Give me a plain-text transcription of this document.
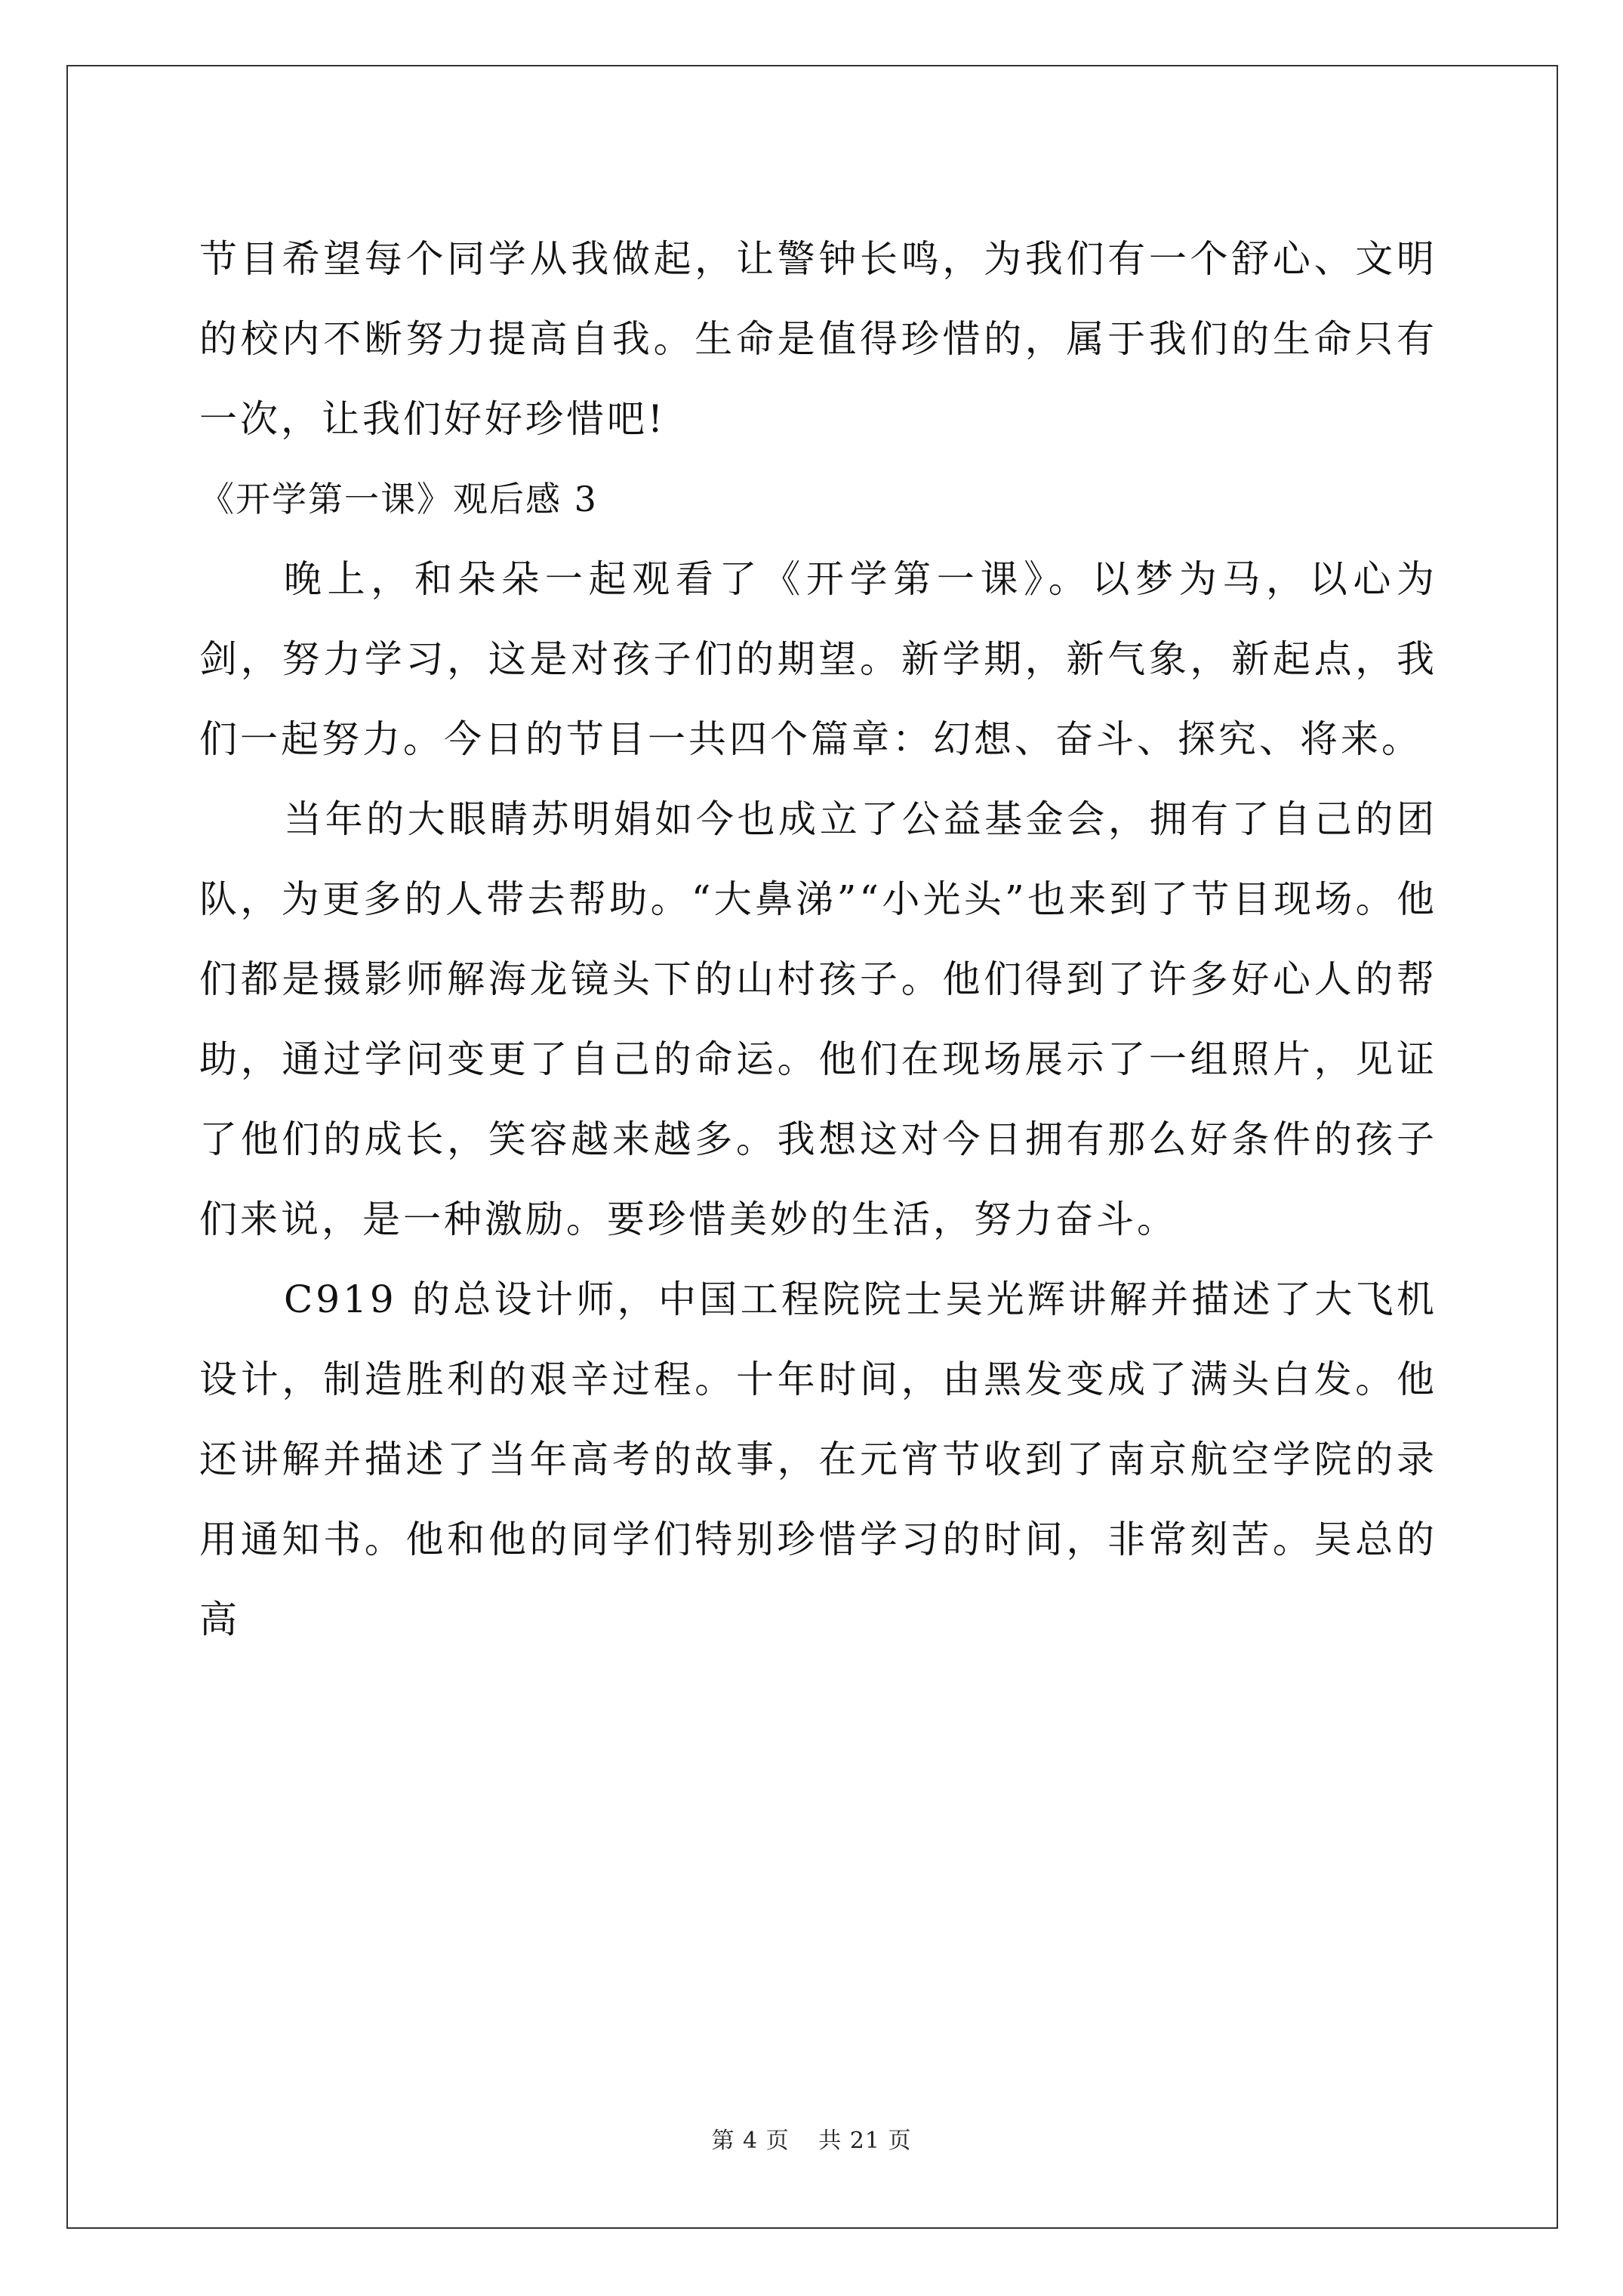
节目希望每个同学从我做起，让警钟长鸣，为我们有一个舒心、文明的校内不断努力提高自我。生命是值得珍惜的，属于我们的生命只有一次，让我们好好珍惜吧!

《开学第一课》观后感 3

晚上，和朵朵一起观看了《开学第一课》。以梦为马，以心为剑，努力学习，这是对孩子们的期望。新学期，新气象，新起点，我们一起努力。今日的节目一共四个篇章：幻想、奋斗、探究、将来。

当年的大眼睛苏明娟如今也成立了公益基金会，拥有了自己的团队，为更多的人带去帮助。“大鼻涕”“小光头”也来到了节目现场。他们都是摄影师解海龙镜头下的山村孩子。他们得到了许多好心人的帮助，通过学问变更了自己的命运。他们在现场展示了一组照片，见证了他们的成长，笑容越来越多。我想这对今日拥有那么好条件的孩子们来说，是一种激励。要珍惜美妙的生活，努力奋斗。

C919 的总设计师，中国工程院院士吴光辉讲解并描述了大飞机设计，制造胜利的艰辛过程。十年时间，由黑发变成了满头白发。他还讲解并描述了当年高考的故事，在元宵节收到了南京航空学院的录用通知书。他和他的同学们特别珍惜学习的时间，非常刻苦。吴总的高

第 4 页 共 21 页
